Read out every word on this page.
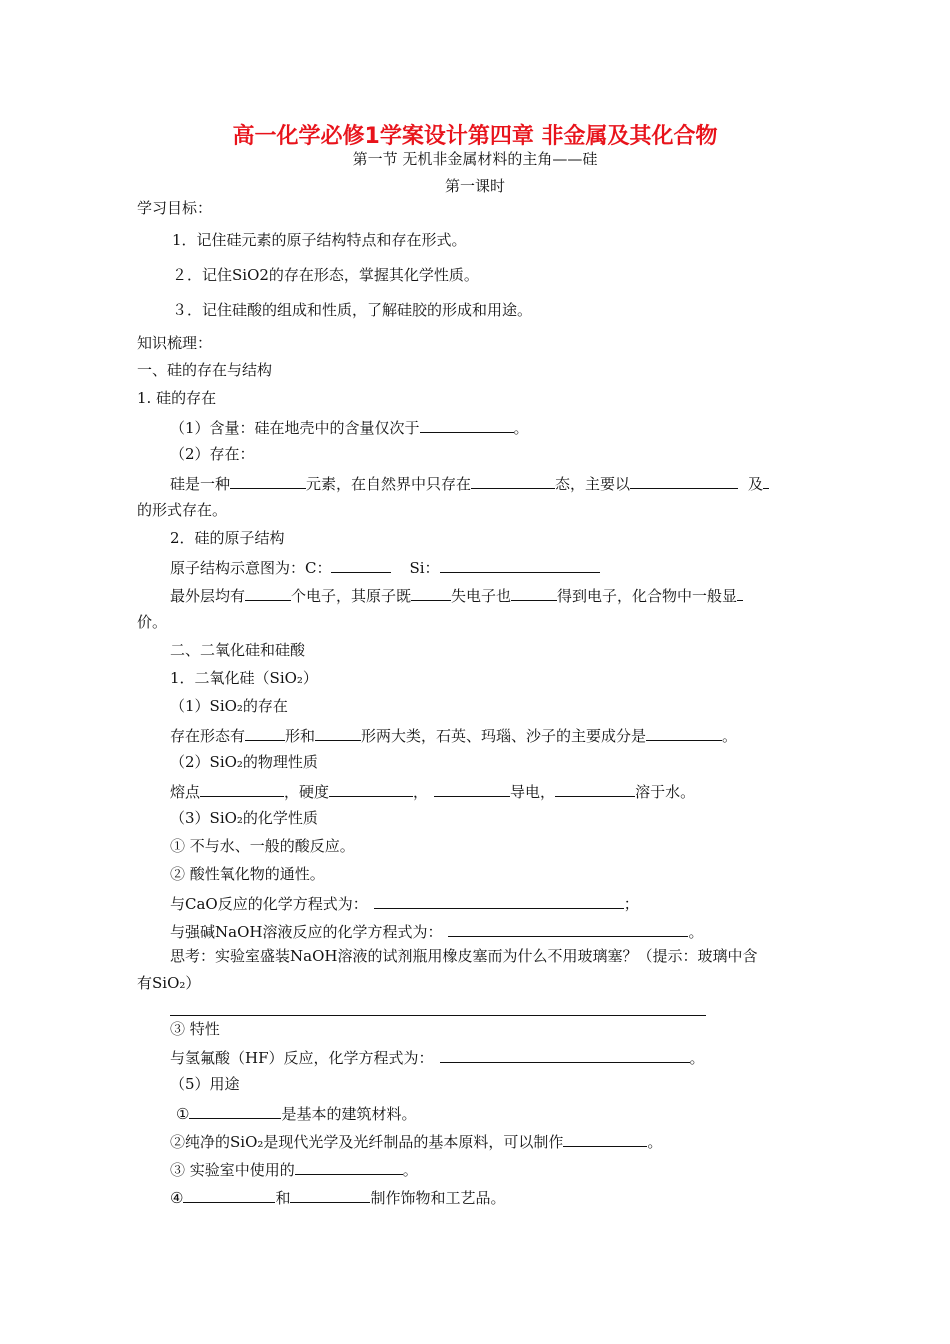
高一化学必修1学案设计第四章 非金属及其化合物
第一节 无机非金属材料的主角——硅
第一课时
学习目标：
1．记住硅元素的原子结构特点和存在形式。
２．记住SiO2的存在形态，掌握其化学性质。
３．记住硅酸的组成和性质，了解硅胶的形成和用途。
知识梳理：
一、硅的存在与结构
1. 硅的存在
（1）含量：硅在地壳中的含量仅次于	。
（2）存在：
硅是一种	元素，在自然界中只存在	态，主要以	及
的形式存在。
2．硅的原子结构
原子结构示意图为：C：	Si：
最外层均有	个电子，其原子既	失电子也	得到电子，化合物中一般显
价。
二、二氧化硅和硅酸
1．二氧化硅（SiO₂）
（1）SiO₂的存在
存在形态有	形和	形两大类，石英、玛瑙、沙子的主要成分是	。
（2）SiO₂的物理性质
熔点	，硬度	，	导电，	溶于水。
（3）SiO₂的化学性质
① 不与水、一般的酸反应。
② 酸性氧化物的通性。
与CaO反应的化学方程式为：	；
与强碱NaOH溶液反应的化学方程式为：	。
思考：实验室盛装NaOH溶液的试剂瓶用橡皮塞而为什么不用玻璃塞？（提示：玻璃中含
有SiO₂）
③ 特性
与氢氟酸（HF）反应，化学方程式为：	。
（5）用途
①	是基本的建筑材料。
②纯净的SiO₂是现代光学及光纤制品的基本原料，可以制作	。
③ 实验室中使用的	。
④	和	制作饰物和工艺品。
